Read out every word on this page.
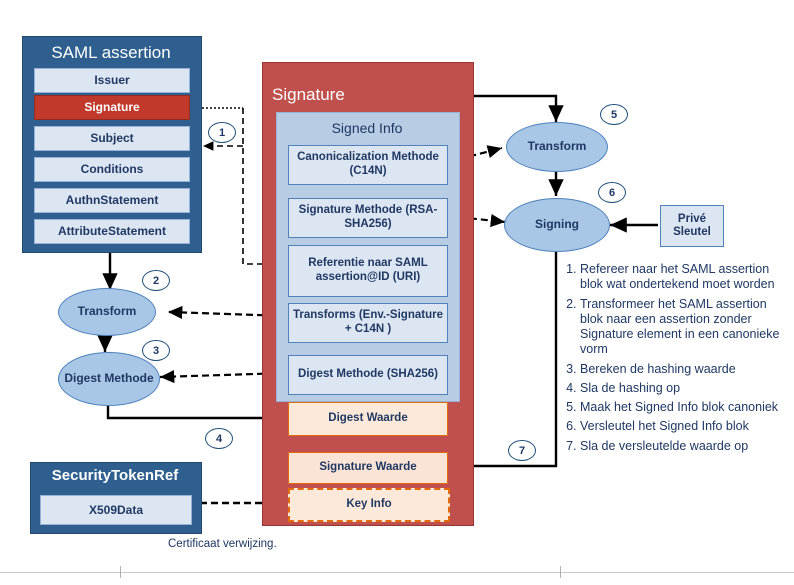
SAML assertion
Issuer
Signature
Subject
Conditions
AuthnStatement
AttributeStatement
SecurityTokenRef
X509Data
Signature
Signed Info
Canonicalization Methode (C14N)
Signature Methode (RSA-SHA256)
Referentie naar SAML assertion@ID (URI)
Transforms (Env.-Signature + C14N )
Digest Methode (SHA256)
Digest Waarde
Signature Waarde
Key Info
Transform
Digest Methode
Transform
Signing	Privé Sleutel
1
2
3
4
5
6
7
1. Refereer naar het SAML assertion blok wat ondertekend moet worden
2. Transformeer het SAML assertion blok naar een assertion zonder Signature element in een canonieke vorm
3. Bereken de hashing waarde
4. Sla de hashing op
5. Maak het Signed Info blok canoniek
6. Versleutel het Signed Info blok
7. Sla de versleutelde waarde op
Certificaat verwijzing.
